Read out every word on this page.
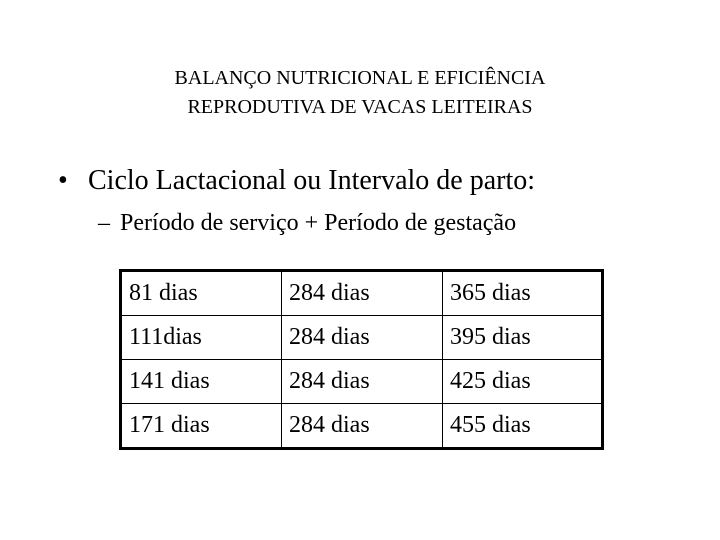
BALANÇO NUTRICIONAL E EFICIÊNCIA
REPRODUTIVA DE VACAS LEITEIRAS
• Ciclo Lactacional ou Intervalo de parto:
– Período de serviço + Período de gestação
81 dias	284 dias	365 dias
111dias	284 dias	395 dias
141 dias	284 dias	425 dias
171 dias	284 dias	455 dias
